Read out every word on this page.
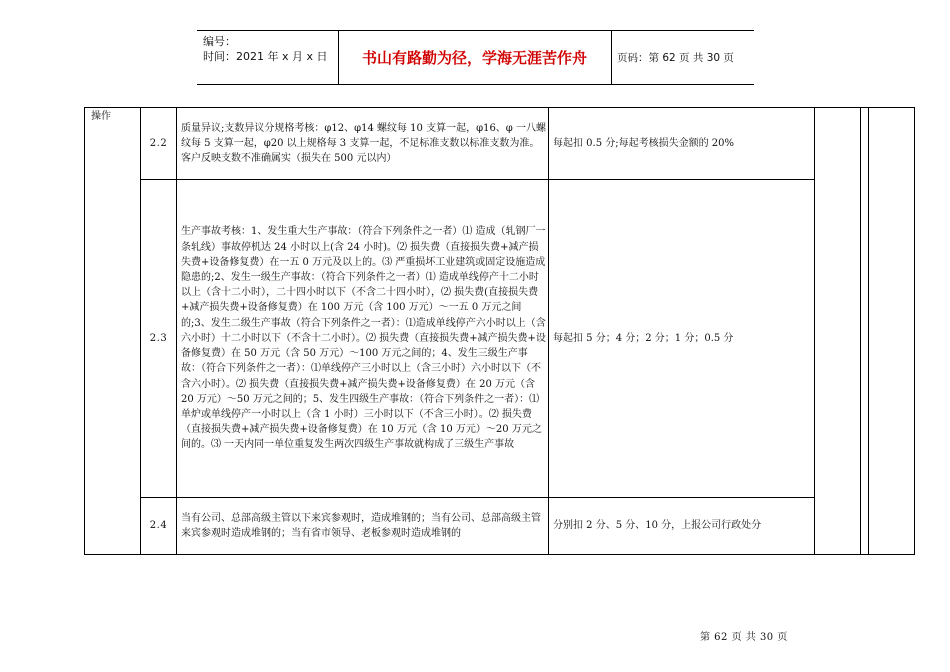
编号：
时间：2021 年 x 月 x 日	书山有路勤为径，学海无涯苦作舟	页码：第 62 页 共 30 页
操作	2.2	质量异议;支数异议分规格考核：φ12、φ14 螺纹每 10 支算一起，φ16、φ 一八螺纹每 5 支算一起，φ20 以上规格每 3 支算一起，不足标准支数以标准支数为准。客户反映支数不准确属实（损失在 500 元以内）	每起扣 0.5 分;每起考核损失金额的 20%			
	2.3	生产事故考核：1、发生重大生产事故：（符合下列条件之一者）⑴ 造成（轧钢厂一条轧线）事故停机达 24 小时以上(含 24 小时)。⑵ 损失费（直接损失费+减产损失费+设备修复费）在一五 0 万元及以上的。⑶ 严重损坏工业建筑或固定设施造成隐患的;2、发生一级生产事故：（符合下列条件之一者）⑴ 造成单线停产十二小时以上（含十二小时），二十四小时以下（不含二十四小时），⑵ 损失费(直接损失费+减产损失费+设备修复费）在 100 万元（含 100 万元）～一五 0 万元之间的;3、发生二级生产事故（符合下列条件之一者）：⑴造成单线停产六小时以上（含六小时）十二小时以下（不含十二小时）。⑵ 损失费（直接损失费+减产损失费+设备修复费）在 50 万元（含 50 万元）～100 万元之间的；4、发生三级生产事故：（符合下列条件之一者）：⑴单线停产三小时以上（含三小时）六小时以下（不含六小时）。⑵ 损失费（直接损失费+减产损失费+设备修复费）在 20 万元（含 20 万元）～50 万元之间的；5、发生四级生产事故：（符合下列条件之一者）：⑴ 单炉或单线停产一小时以上（含 1 小时）三小时以下（不含三小时）。⑵ 损失费（直接损失费+减产损失费+设备修复费）在 10 万元（含 10 万元）～20 万元之间的。⑶ 一天内同一单位重复发生两次四级生产事故就构成了三级生产事故	每起扣 5 分；4 分；2 分；1 分；0.5 分			
	2.4	当有公司、总部高级主管以下来宾参观时，造成堆钢的；当有公司、总部高级主管来宾参观时造成堆钢的；当有省市领导、老板参观时造成堆钢的	分别扣 2 分、5 分、10 分，上报公司行政处分			
第 62 页 共 30 页
